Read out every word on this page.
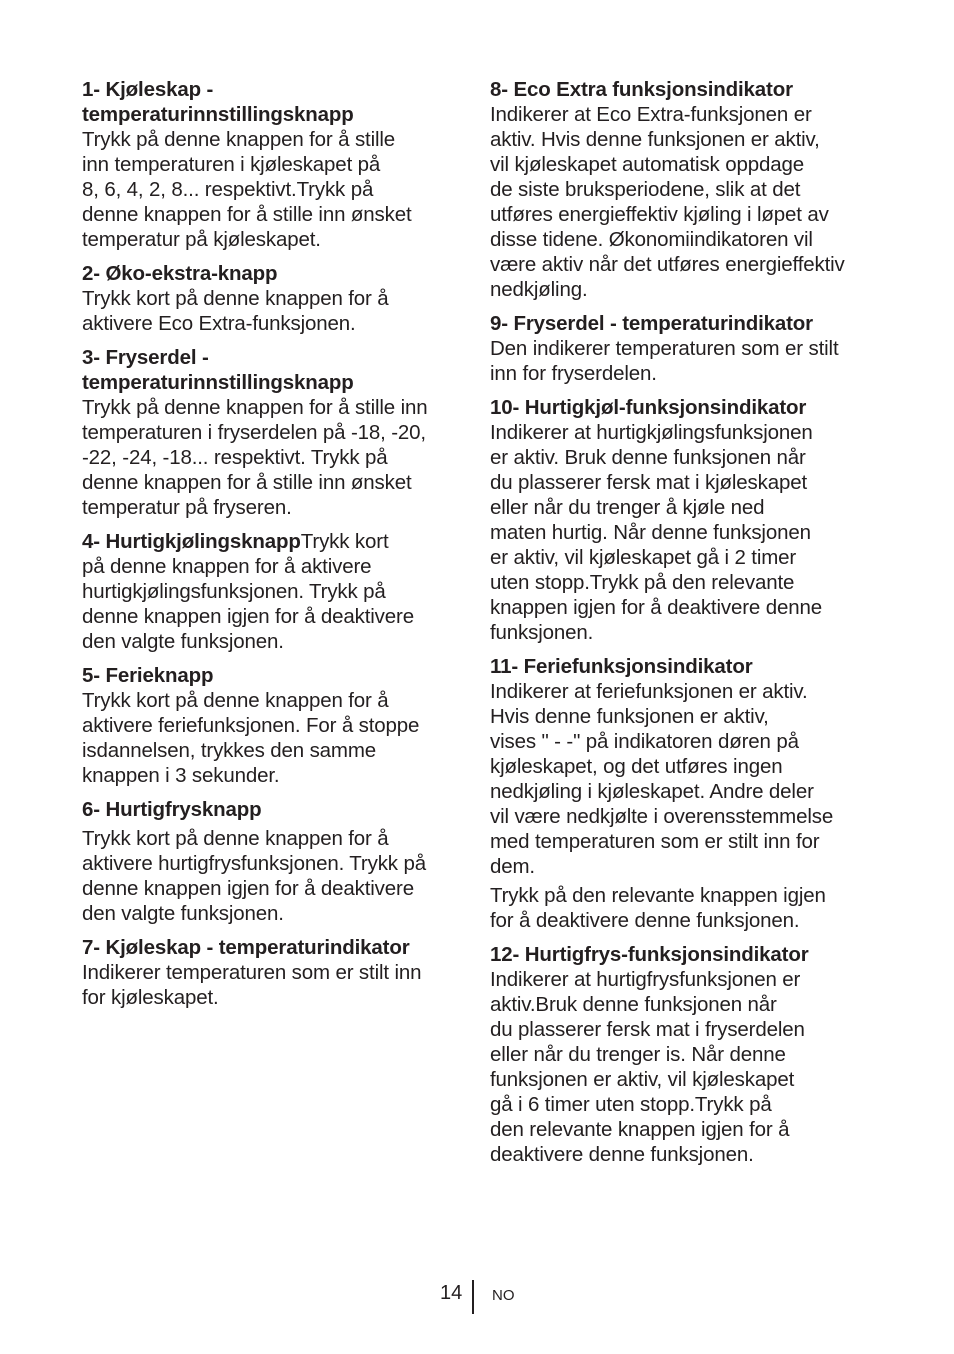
1- Kjøleskap -

temperaturinnstillingsknapp

Trykk på denne knappen for å stille

inn temperaturen i kjøleskapet på

8, 6, 4, 2, 8... respektivt.Trykk på

denne knappen for å stille inn ønsket

temperatur på kjøleskapet.

2- Øko-ekstra-knapp

Trykk kort på denne knappen for å

aktivere Eco Extra-funksjonen.

3- Fryserdel -

temperaturinnstillingsknapp

Trykk på denne knappen for å stille inn

temperaturen i fryserdelen på -18, -20,

-22, -24, -18... respektivt. Trykk på

denne knappen for å stille inn ønsket

temperatur på fryseren.

4- HurtigkjølingsknappTrykk kort

på denne knappen for å aktivere

hurtigkjølingsfunksjonen. Trykk på

denne knappen igjen for å deaktivere

den valgte funksjonen.

5- Ferieknapp

Trykk kort på denne knappen for å

aktivere feriefunksjonen. For å stoppe

isdannelsen, trykkes den samme

knappen i 3 sekunder.

6- Hurtigfrysknapp

Trykk kort på denne knappen for å

aktivere hurtigfrysfunksjonen. Trykk på

denne knappen igjen for å deaktivere

den valgte funksjonen.

7- Kjøleskap - temperaturindikator

Indikerer temperaturen som er stilt inn

for kjøleskapet.

8- Eco Extra funksjonsindikator

Indikerer at Eco Extra-funksjonen er

aktiv. Hvis denne funksjonen er aktiv,

vil kjøleskapet automatisk oppdage

de siste bruksperiodene, slik at det

utføres energieffektiv kjøling i løpet av

disse tidene. Økonomiindikatoren vil

være aktiv når det utføres energieffektiv

nedkjøling.

9- Fryserdel - temperaturindikator

Den indikerer temperaturen som er stilt

inn for fryserdelen.

10- Hurtigkjøl-funksjonsindikator

Indikerer at hurtigkjølingsfunksjonen

er aktiv. Bruk denne funksjonen når

du plasserer fersk mat i kjøleskapet

eller når du trenger å kjøle ned

maten hurtig. Når denne funksjonen

er aktiv, vil kjøleskapet gå i 2 timer

uten stopp.Trykk på den relevante

knappen igjen for å deaktivere denne

funksjonen.

11- Feriefunksjonsindikator

Indikerer at feriefunksjonen er aktiv.

Hvis denne funksjonen er aktiv,

vises " - -" på indikatoren døren på

kjøleskapet, og det utføres ingen

nedkjøling i kjøleskapet. Andre deler

vil være nedkjølte i overensstemmelse

med temperaturen som er stilt inn for

dem.

Trykk på den relevante knappen igjen

for å deaktivere denne funksjonen.

12- Hurtigfrys-funksjonsindikator

Indikerer at hurtigfrysfunksjonen er

aktiv.Bruk denne funksjonen når

du plasserer fersk mat i fryserdelen

eller når du trenger is. Når denne

funksjonen er aktiv, vil kjøleskapet

gå i 6 timer uten stopp.Trykk på

den relevante knappen igjen for å

deaktivere denne funksjonen.

14 NO
